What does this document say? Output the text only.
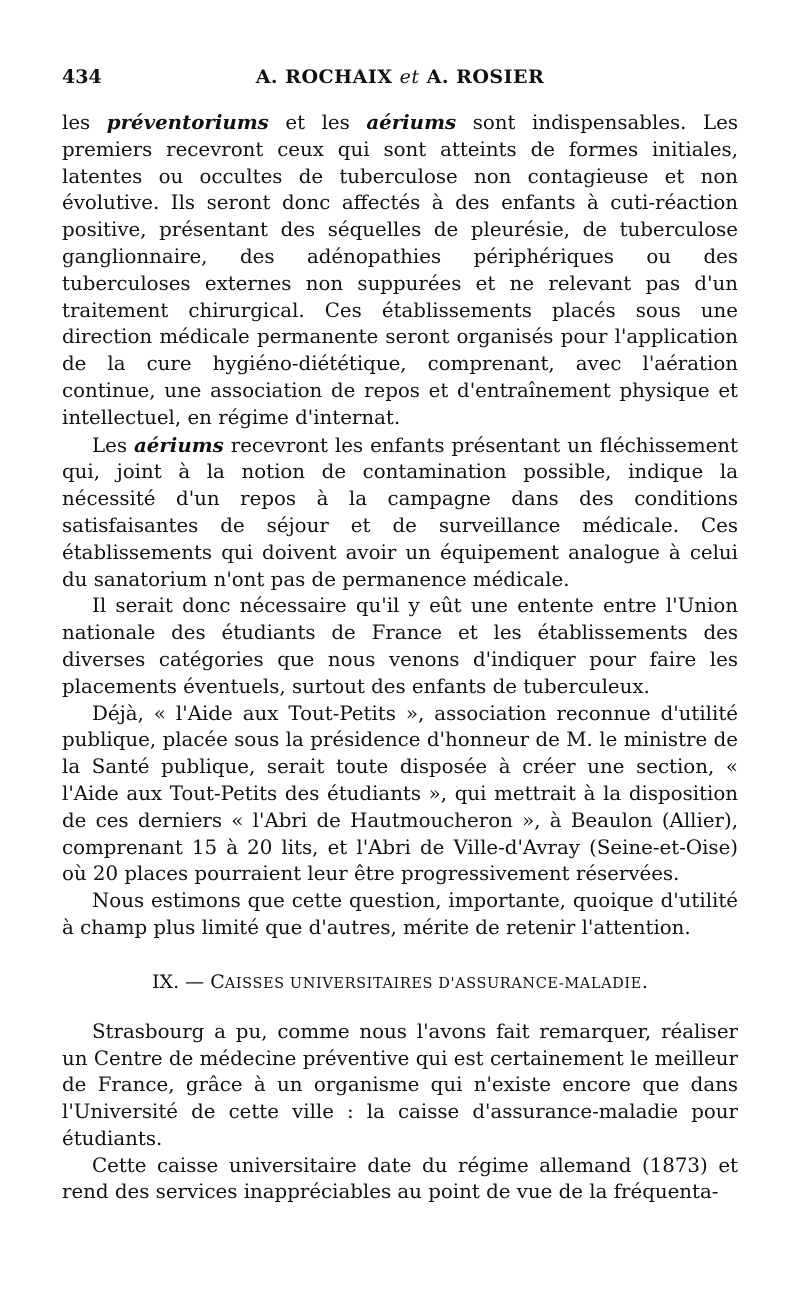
434	A. ROCHAIX et A. ROSIER

les préventoriums et les aériums sont indispensables. Les premiers recevront ceux qui sont atteints de formes initiales, latentes ou occultes de tuberculose non contagieuse et non évolutive. Ils seront donc affectés à des enfants à cuti-réaction positive, présentant des séquelles de pleurésie, de tuberculose ganglionnaire, des adénopathies périphériques ou des tuberculoses externes non suppurées et ne relevant pas d'un traitement chirurgical. Ces établissements placés sous une direction médicale permanente seront organisés pour l'application de la cure hygiéno-diététique, comprenant, avec l'aération continue, une association de repos et d'entraînement physique et intellectuel, en régime d'internat.

Les aériums recevront les enfants présentant un fléchissement qui, joint à la notion de contamination possible, indique la nécessité d'un repos à la campagne dans des conditions satisfaisantes de séjour et de surveillance médicale. Ces établissements qui doivent avoir un équipement analogue à celui du sanatorium n'ont pas de permanence médicale.

Il serait donc nécessaire qu'il y eût une entente entre l'Union nationale des étudiants de France et les établissements des diverses catégories que nous venons d'indiquer pour faire les placements éventuels, surtout des enfants de tuberculeux.

Déjà, « l'Aide aux Tout-Petits », association reconnue d'utilité publique, placée sous la présidence d'honneur de M. le ministre de la Santé publique, serait toute disposée à créer une section, « l'Aide aux Tout-Petits des étudiants », qui mettrait à la disposition de ces derniers « l'Abri de Hautmoucheron », à Beaulon (Allier), comprenant 15 à 20 lits, et l'Abri de Ville-d'Avray (Seine-et-Oise) où 20 places pourraient leur être progressivement réservées.

Nous estimons que cette question, importante, quoique d'utilité à champ plus limité que d'autres, mérite de retenir l'attention.

IX. — CAISSES UNIVERSITAIRES D'ASSURANCE-MALADIE.

Strasbourg a pu, comme nous l'avons fait remarquer, réaliser un Centre de médecine préventive qui est certainement le meilleur de France, grâce à un organisme qui n'existe encore que dans l'Université de cette ville : la caisse d'assurance-maladie pour étudiants.

Cette caisse universitaire date du régime allemand (1873) et rend des services inappréciables au point de vue de la fréquenta-
